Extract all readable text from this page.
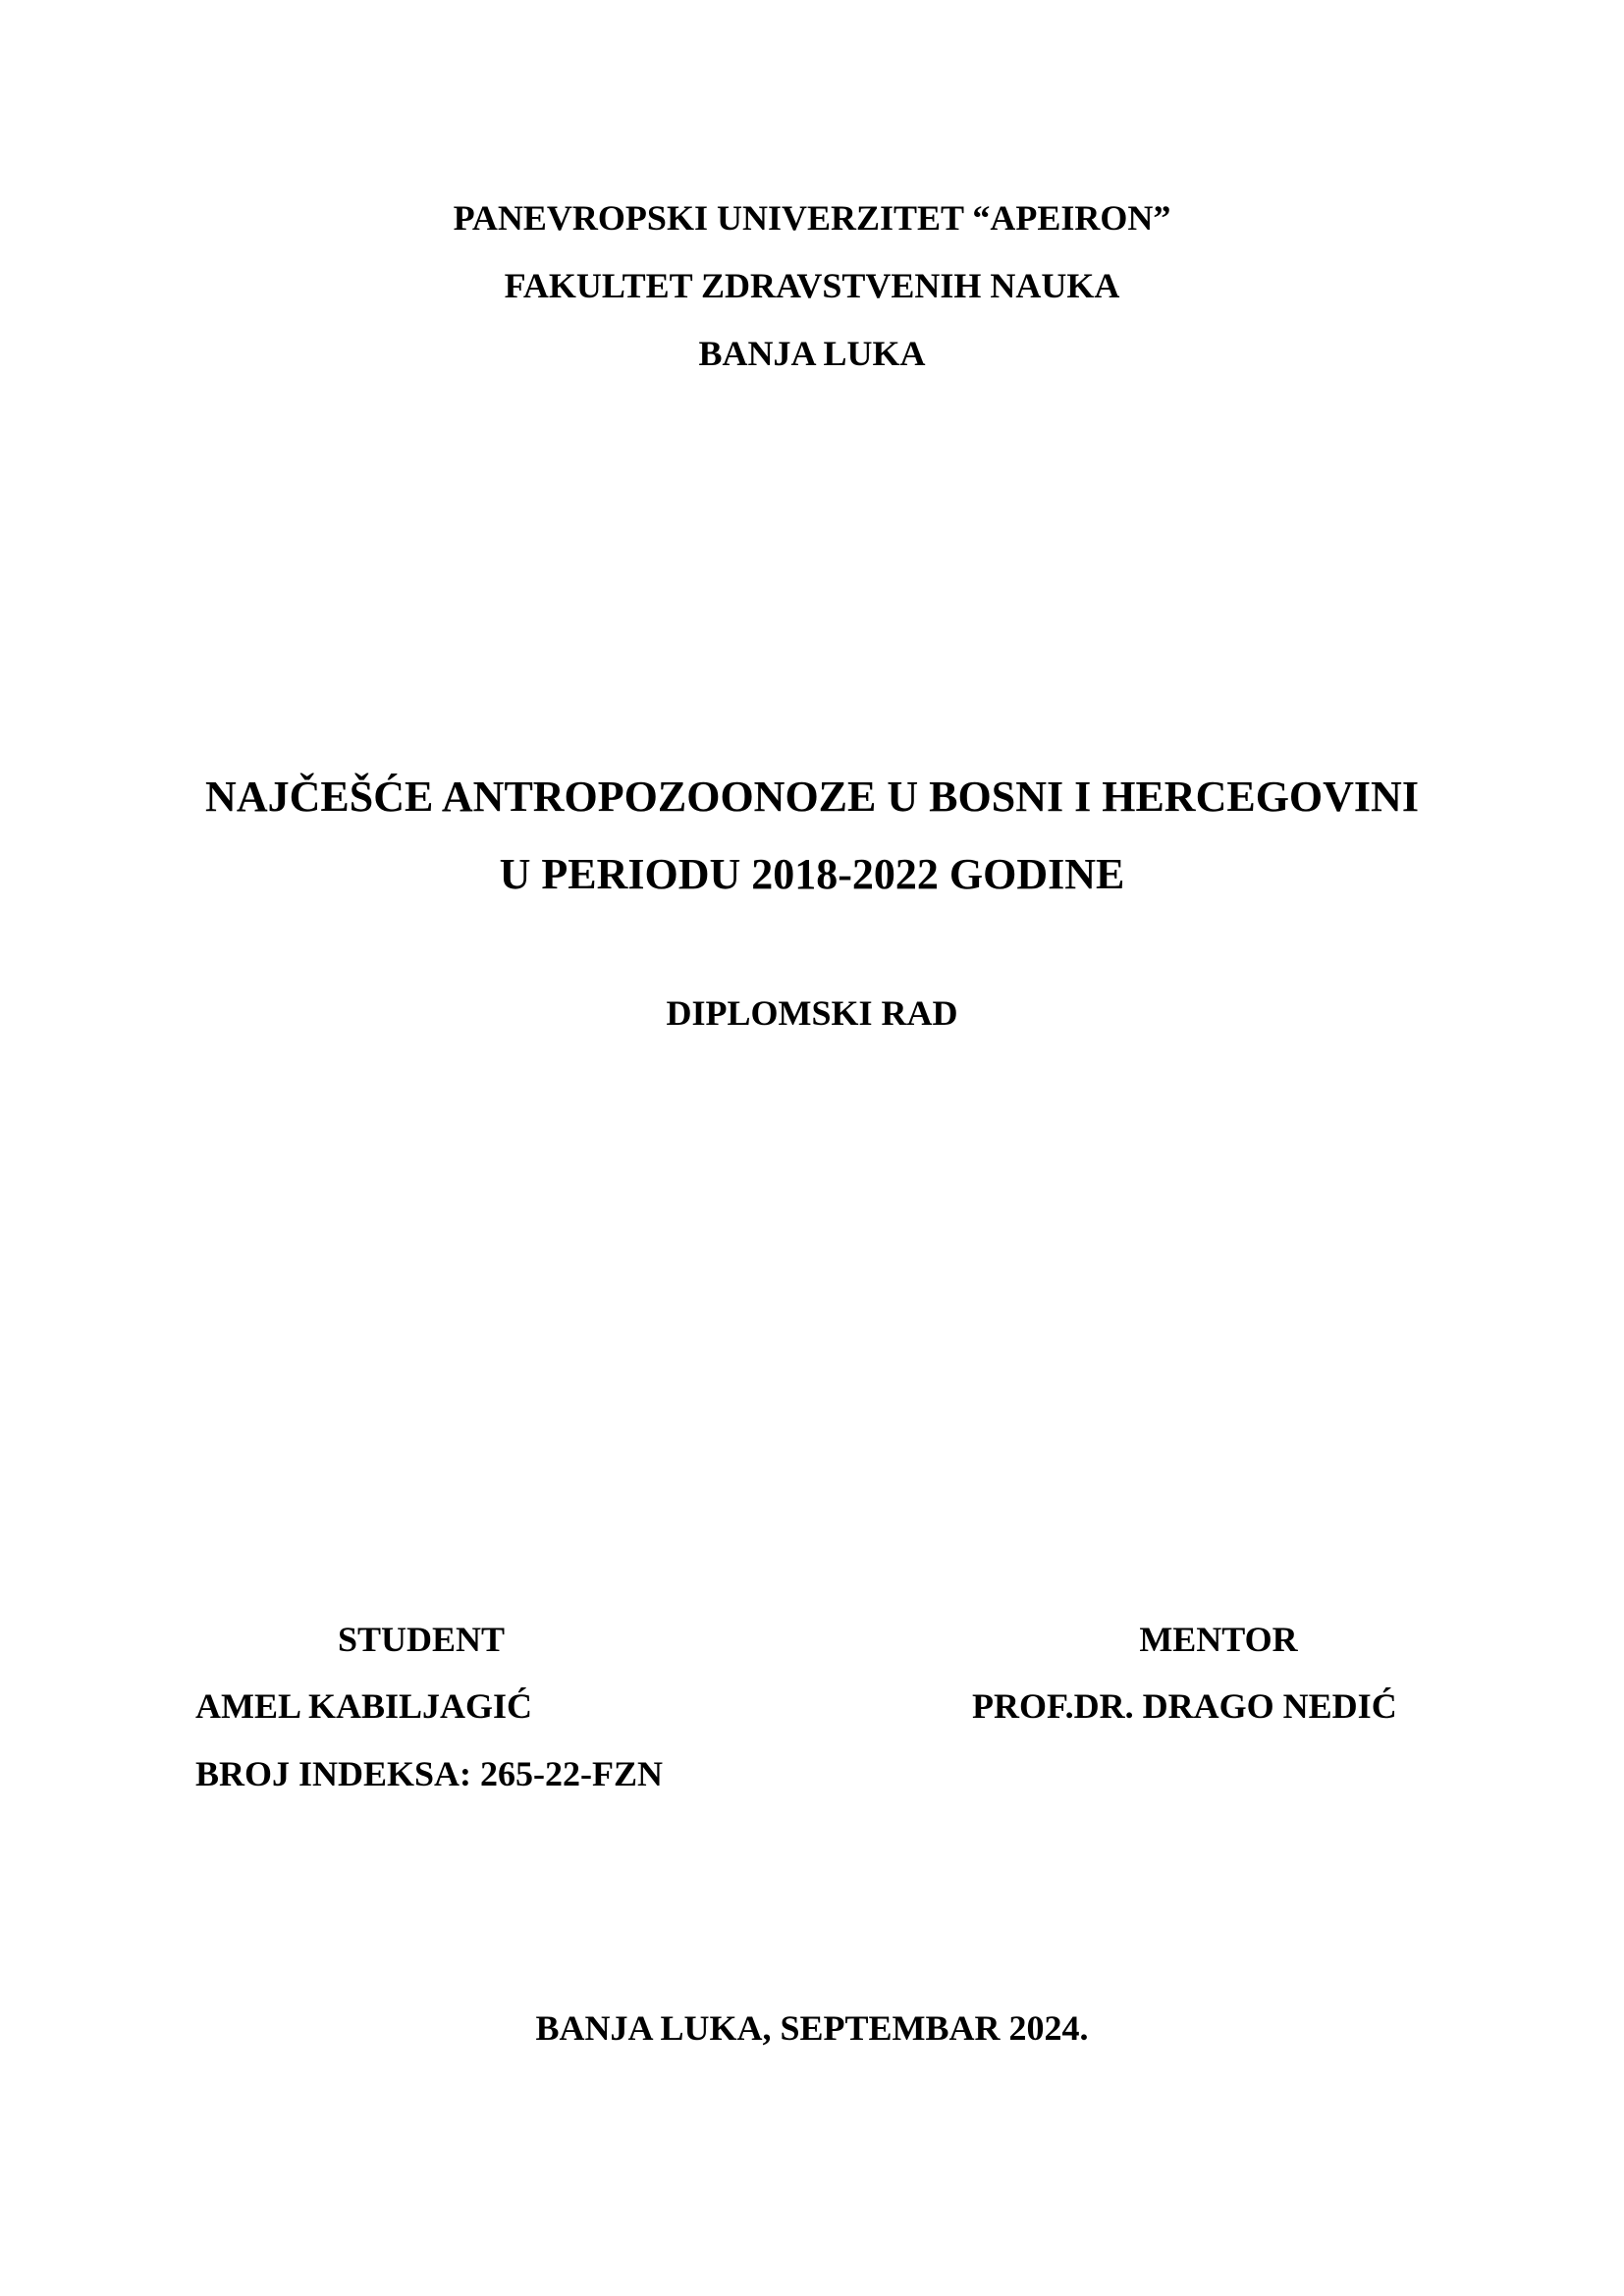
PANEVROPSKI UNIVERZITET “APEIRON”
FAKULTET ZDRAVSTVENIH NAUKA
BANJA LUKA
NAJČEŠĆE ANTROPOZOONOZE U BOSNI I HERCEGOVINI
U PERIODU 2018-2022 GODINE
DIPLOMSKI RAD
STUDENT
AMEL KABILJAGIĆ
BROJ INDEKSA: 265-22-FZN
MENTOR
PROF.DR. DRAGO NEDIĆ
BANJA LUKA, SEPTEMBAR 2024.
